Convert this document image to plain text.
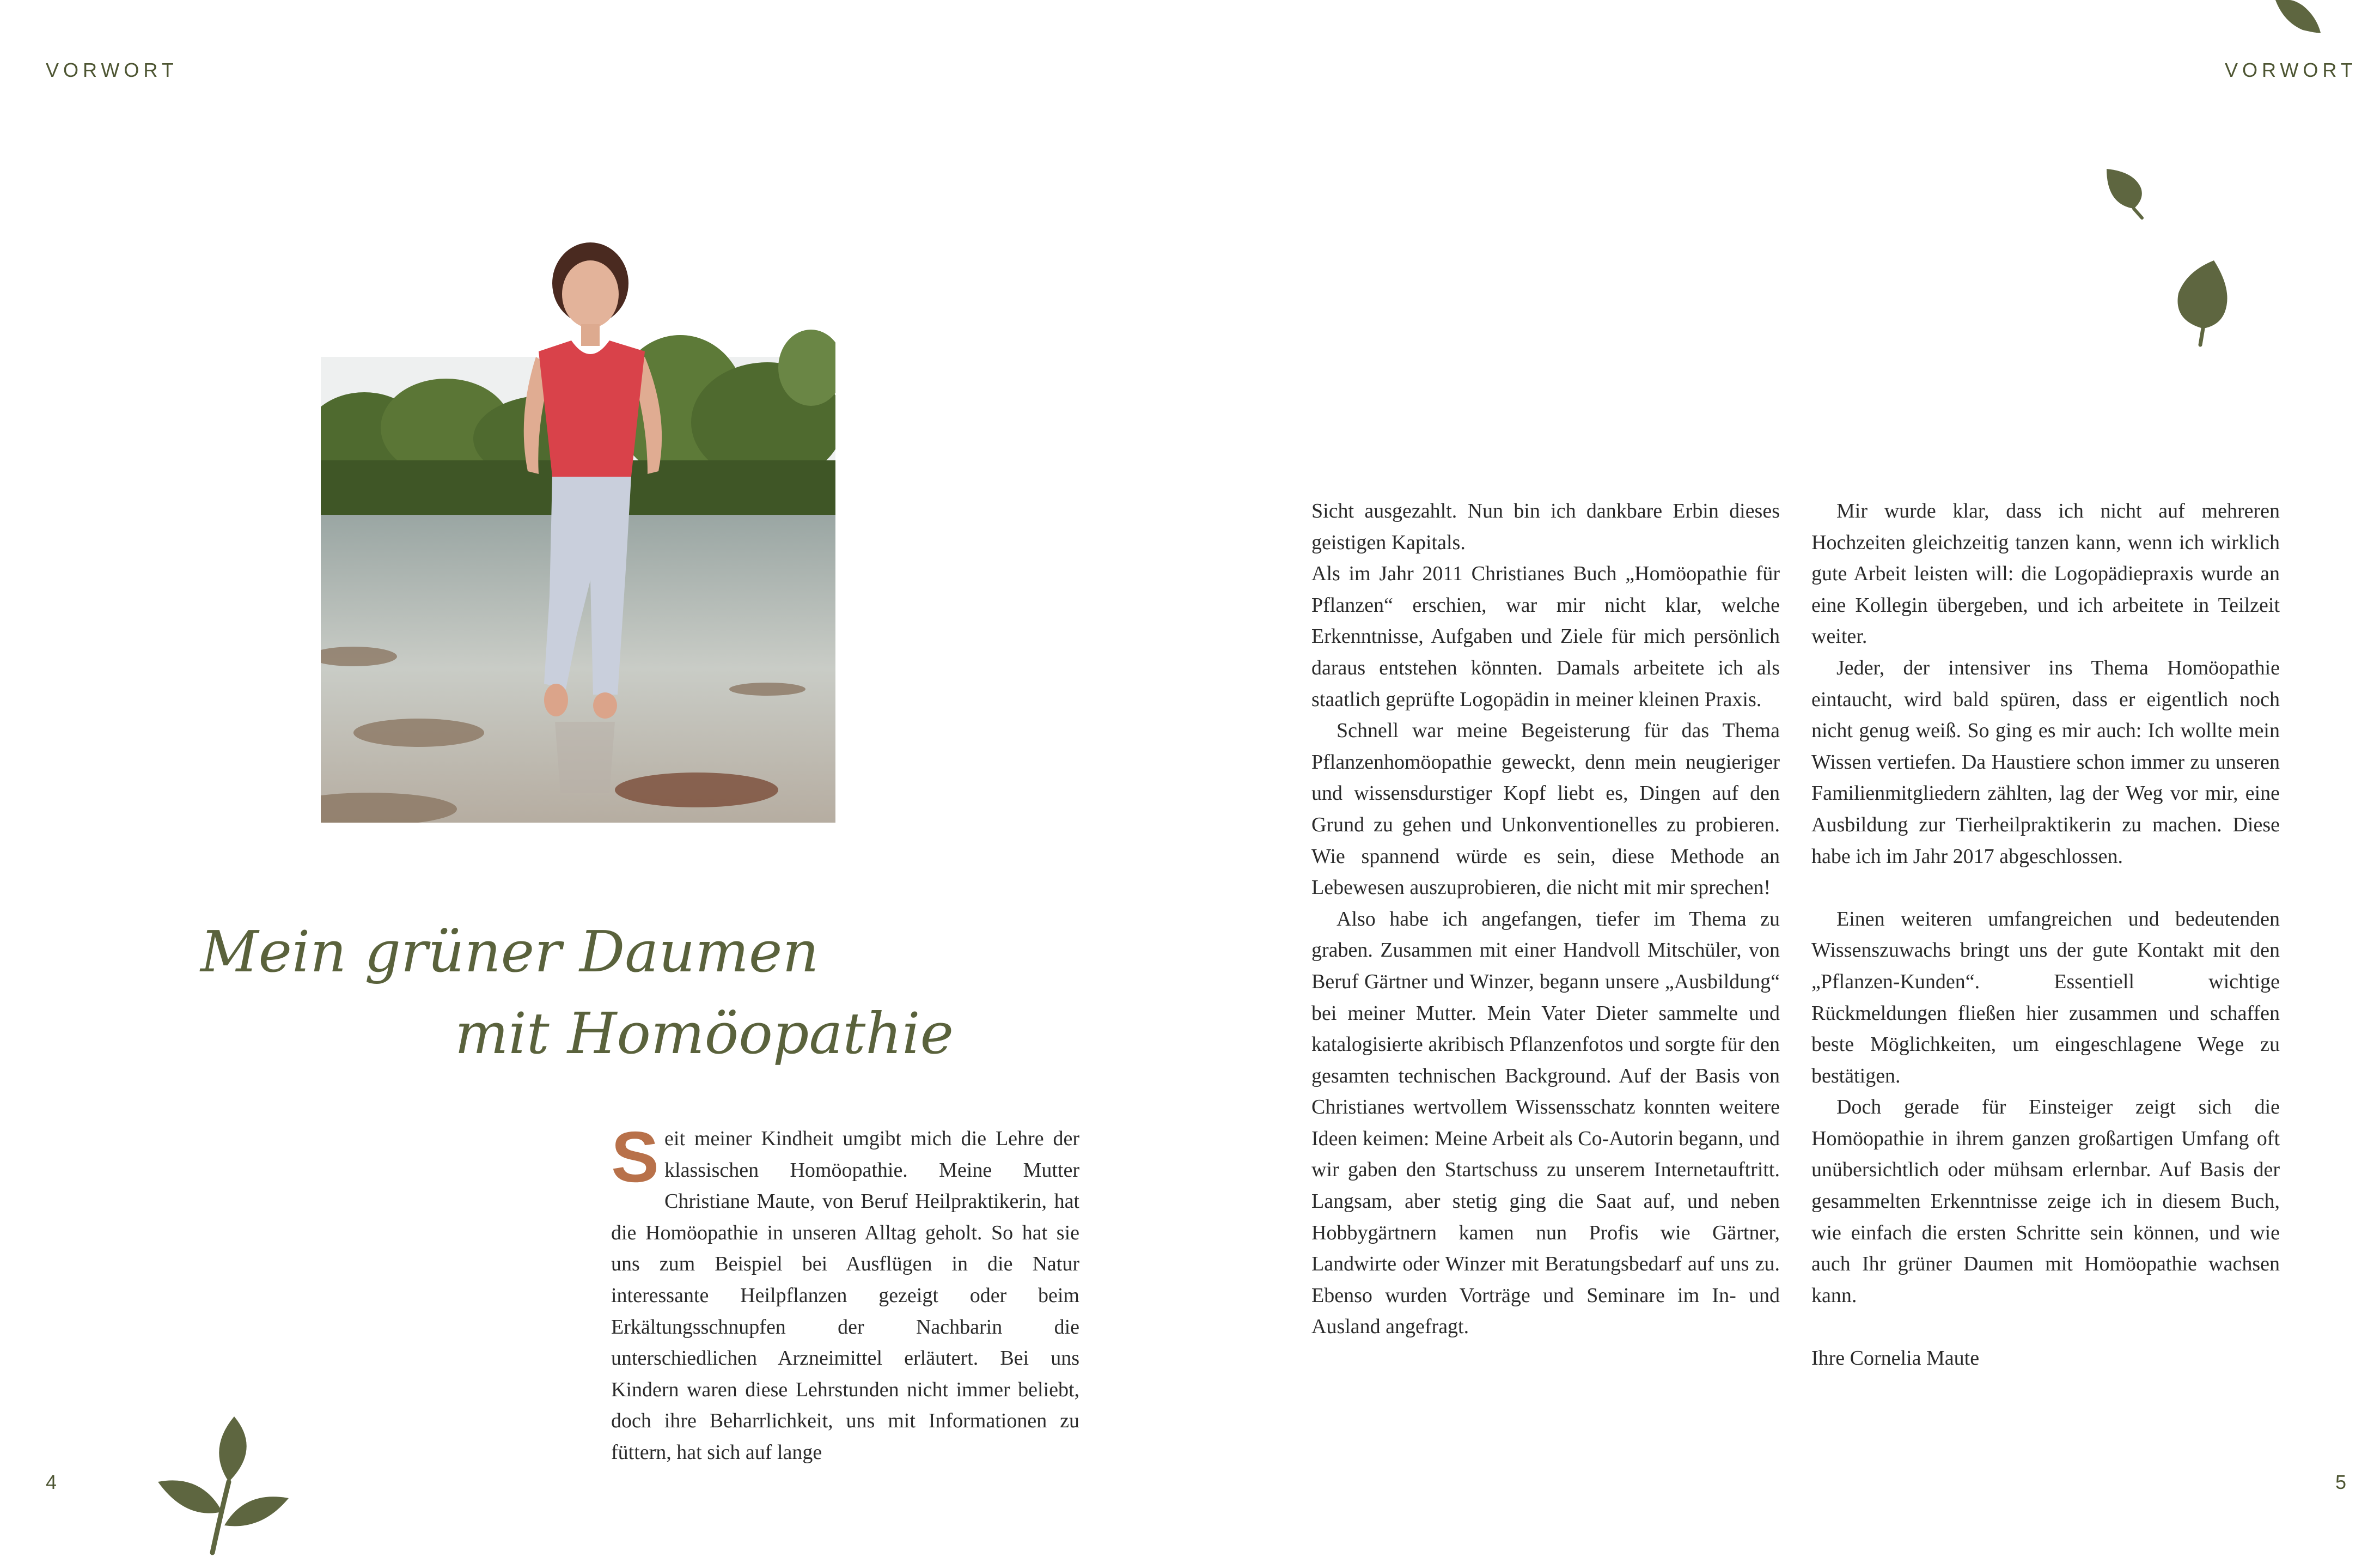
VORWORT
Mein grüner Daumen
mit Homöopathie
S eit meiner Kindheit umgibt mich die Lehre der klassischen Homöopathie. Meine Mutter Christiane Maute, von Beruf Heilpraktikerin, hat die Homöopathie in unseren Alltag geholt. So hat sie uns zum Beispiel bei Ausflügen in die Natur interessante Heilpflanzen gezeigt oder beim Erkältungsschnupfen der Nachbarin die unterschiedlichen Arzneimittel erläutert. Bei uns Kindern waren diese Lehrstunden nicht immer beliebt, doch ihre Beharrlichkeit, uns mit Informationen zu füttern, hat sich auf lange
4
VORWORT

Sicht ausgezahlt. Nun bin ich dankbare Erbin dieses geistigen Kapitals.

Als im Jahr 2011 Christianes Buch „Homöopathie für Pflanzen“ erschien, war mir nicht klar, welche Erkenntnisse, Aufgaben und Ziele für mich persönlich daraus entstehen könnten. Damals arbeitete ich als staatlich geprüfte Logopädin in meiner kleinen Praxis.

Schnell war meine Begeisterung für das Thema Pflanzenhomöopathie geweckt, denn mein neugieriger und wissensdurstiger Kopf liebt es, Dingen auf den Grund zu gehen und Unkonventionelles zu probieren. Wie spannend würde es sein, diese Methode an Lebewesen auszuprobieren, die nicht mit mir sprechen!

Also habe ich angefangen, tiefer im Thema zu graben. Zusammen mit einer Handvoll Mitschüler, von Beruf Gärtner und Winzer, begann unsere „Ausbildung“ bei meiner Mutter. Mein Vater Dieter sammelte und katalogisierte akribisch Pflanzenfotos und sorgte für den gesamten technischen Background. Auf der Basis von Christianes wertvollem Wissensschatz konnten weitere Ideen keimen: Meine Arbeit als Co-Autorin begann, und wir gaben den Startschuss zu unserem Internetauftritt. Langsam, aber stetig ging die Saat auf, und neben Hobbygärtnern kamen nun Profis wie Gärtner, Landwirte oder Winzer mit Beratungsbedarf auf uns zu. Ebenso wurden Vorträge und Seminare im In- und Ausland angefragt.

Mir wurde klar, dass ich nicht auf mehreren Hochzeiten gleichzeitig tanzen kann, wenn ich wirklich gute Arbeit leisten will: die Logopädiepraxis wurde an eine Kollegin übergeben, und ich arbeitete in Teilzeit weiter.

Jeder, der intensiver ins Thema Homöopathie eintaucht, wird bald spüren, dass er eigentlich noch nicht genug weiß. So ging es mir auch: Ich wollte mein Wissen vertiefen. Da Haustiere schon immer zu unseren Familienmitgliedern zählten, lag der Weg vor mir, eine Ausbildung zur Tierheilpraktikerin zu machen. Diese habe ich im Jahr 2017 abgeschlossen.

Einen weiteren umfangreichen und bedeutenden Wissenszuwachs bringt uns der gute Kontakt mit den „Pflanzen-Kunden“. Essentiell wichtige Rückmeldungen fließen hier zusammen und schaffen beste Möglichkeiten, um eingeschlagene Wege zu bestätigen.

Doch gerade für Einsteiger zeigt sich die Homöopathie in ihrem ganzen großartigen Umfang oft unübersichtlich oder mühsam erlernbar. Auf Basis der gesammelten Erkenntnisse zeige ich in diesem Buch, wie einfach die ersten Schritte sein können, und wie auch Ihr grüner Daumen mit Homöopathie wachsen kann.

Ihre Cornelia Maute

5
